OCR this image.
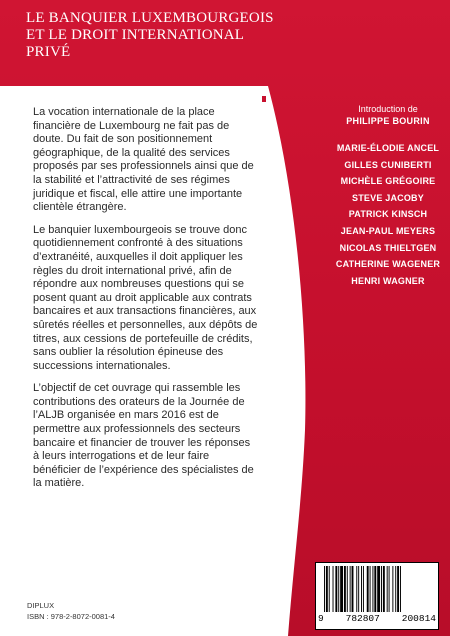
LE BANQUIER LUXEMBOURGEOIS
ET LE DROIT INTERNATIONAL
PRIVÉ

La vocation internationale de la place financière de Luxembourg ne fait pas de doute. Du fait de son positionnement géographique, de la qualité des services proposés par ses professionnels ainsi que de la stabilité et l’attractivité de ses régimes juridique et fiscal, elle attire une importante clientèle étrangère.

Le banquier luxembourgeois se trouve donc quotidiennement confronté à des situations d’extranéité, auxquelles il doit appliquer les règles du droit international privé, afin de répondre aux nombreuses questions qui se posent quant au droit applicable aux contrats bancaires et aux transactions financières, aux sûretés réelles et personnelles, aux dépôts de titres, aux cessions de portefeuille de crédits, sans oublier la résolution épineuse des successions internationales.

L’objectif de cet ouvrage qui rassemble les contributions des orateurs de la Journée de l’ALJB organisée en mars 2016 est de permettre aux professionnels des secteurs bancaire et financier de trouver les réponses à leurs interrogations et de leur faire bénéficier de l’expérience des spécialistes de la matière.

Introduction de
PHILIPPE BOURIN
MARIE-ÉLODIE ANCEL
GILLES CUNIBERTI
MICHÈLE GRÉGOIRE
STEVE JACOBY
PATRICK KINSCH
JEAN-PAUL MEYERS
NICOLAS THIELTGEN
CATHERINE WAGENER
HENRI WAGNER
DIPLUX
ISBN : 978-2-8072-0081-4	9 782807 200814
